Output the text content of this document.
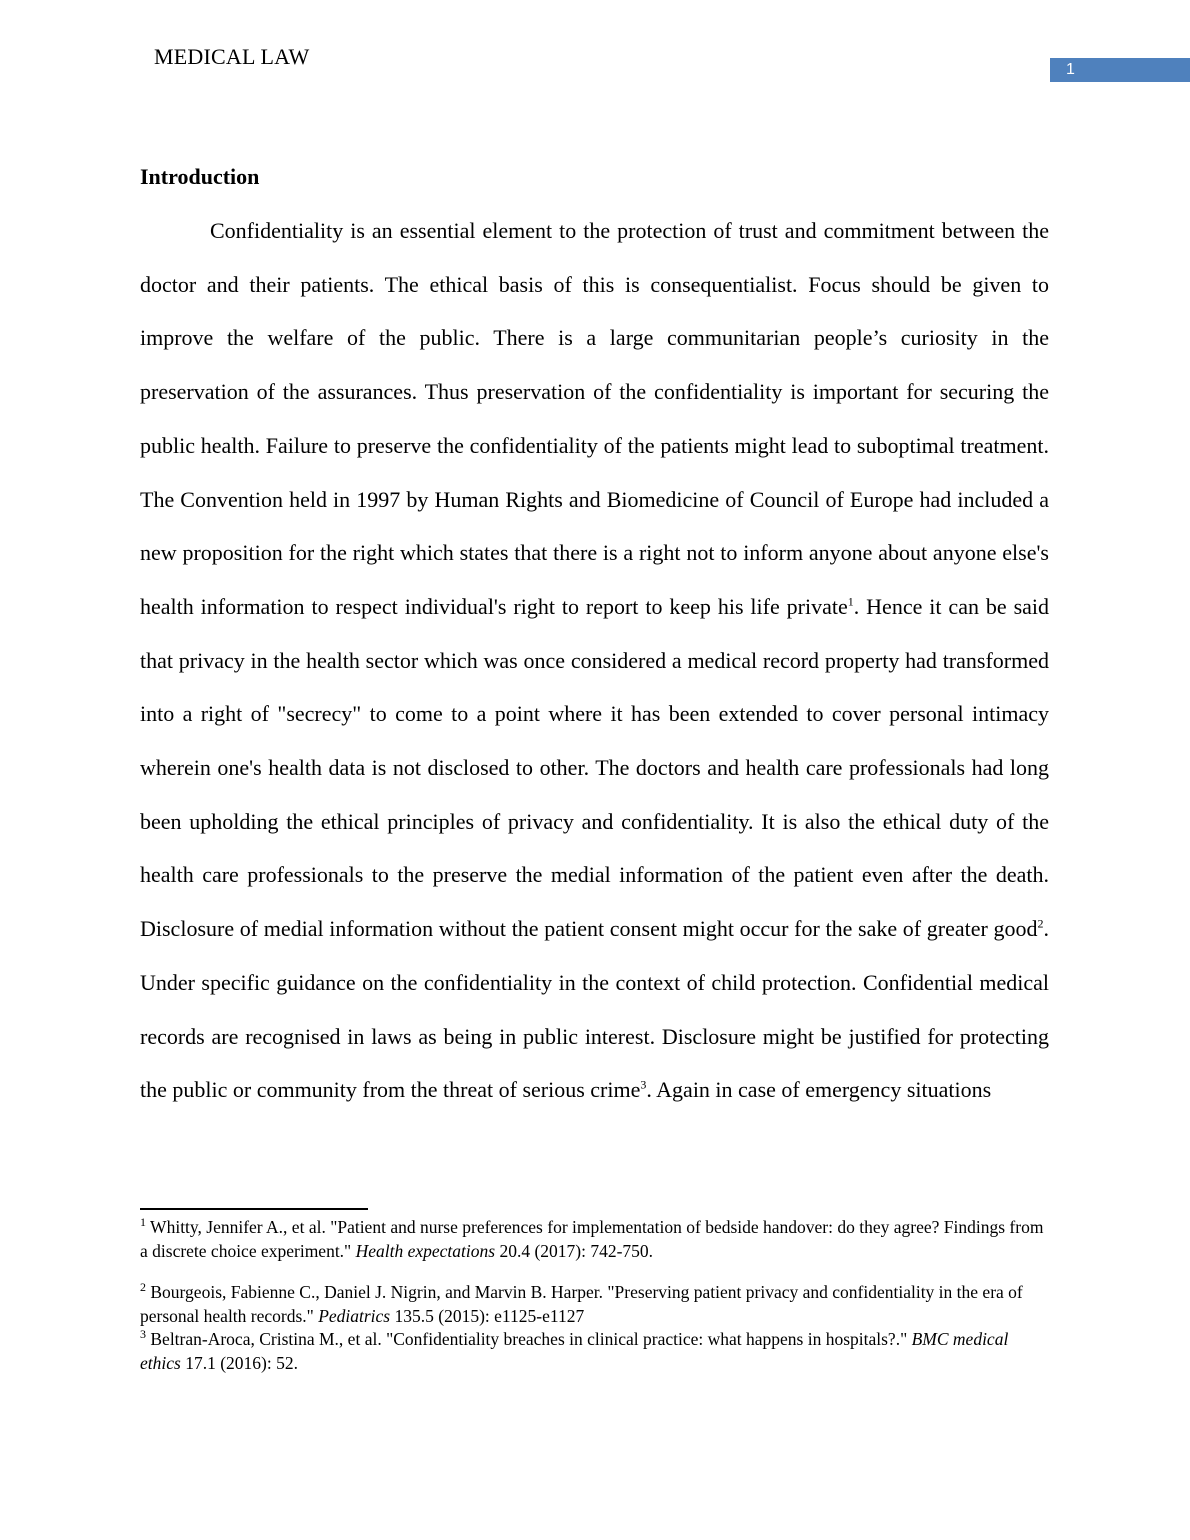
MEDICAL LAW
1
Introduction

Confidentiality is an essential element to the protection of trust and commitment between the doctor and their patients. The ethical basis of this is consequentialist. Focus should be given to improve the welfare of the public. There is a large communitarian people’s curiosity in the preservation of the assurances. Thus preservation of the confidentiality is important for securing the public health. Failure to preserve the confidentiality of the patients might lead to suboptimal treatment. The Convention held in 1997 by Human Rights and Biomedicine of Council of Europe had included a new proposition for the right which states that there is a right not to inform anyone about anyone else's health information to respect individual's right to report to keep his life private$^1$. Hence it can be said that privacy in the health sector which was once considered a medical record property had transformed into a right of "secrecy" to come to a point where it has been extended to cover personal intimacy wherein one's health data is not disclosed to other. The doctors and health care professionals had long been upholding the ethical principles of privacy and confidentiality. It is also the ethical duty of the health care professionals to the preserve the medial information of the patient even after the death. Disclosure of medial information without the patient consent might occur for the sake of greater good$^2$. Under specific guidance on the confidentiality in the context of child protection. Confidential medical records are recognised in laws as being in public interest. Disclosure might be justified for protecting the public or community from the threat of serious crime$^3$. Again in case of emergency situations

$^1$ Whitty, Jennifer A., et al. "Patient and nurse preferences for implementation of bedside handover: do they agree? Findings from a discrete choice experiment." Health expectations 20.4 (2017): 742-750.

$^2$ Bourgeois, Fabienne C., Daniel J. Nigrin, and Marvin B. Harper. "Preserving patient privacy and confidentiality in the era of personal health records." Pediatrics 135.5 (2015): e1125-e1127

$^3$ Beltran-Aroca, Cristina M., et al. "Confidentiality breaches in clinical practice: what happens in hospitals?." BMC medical ethics 17.1 (2016): 52.
